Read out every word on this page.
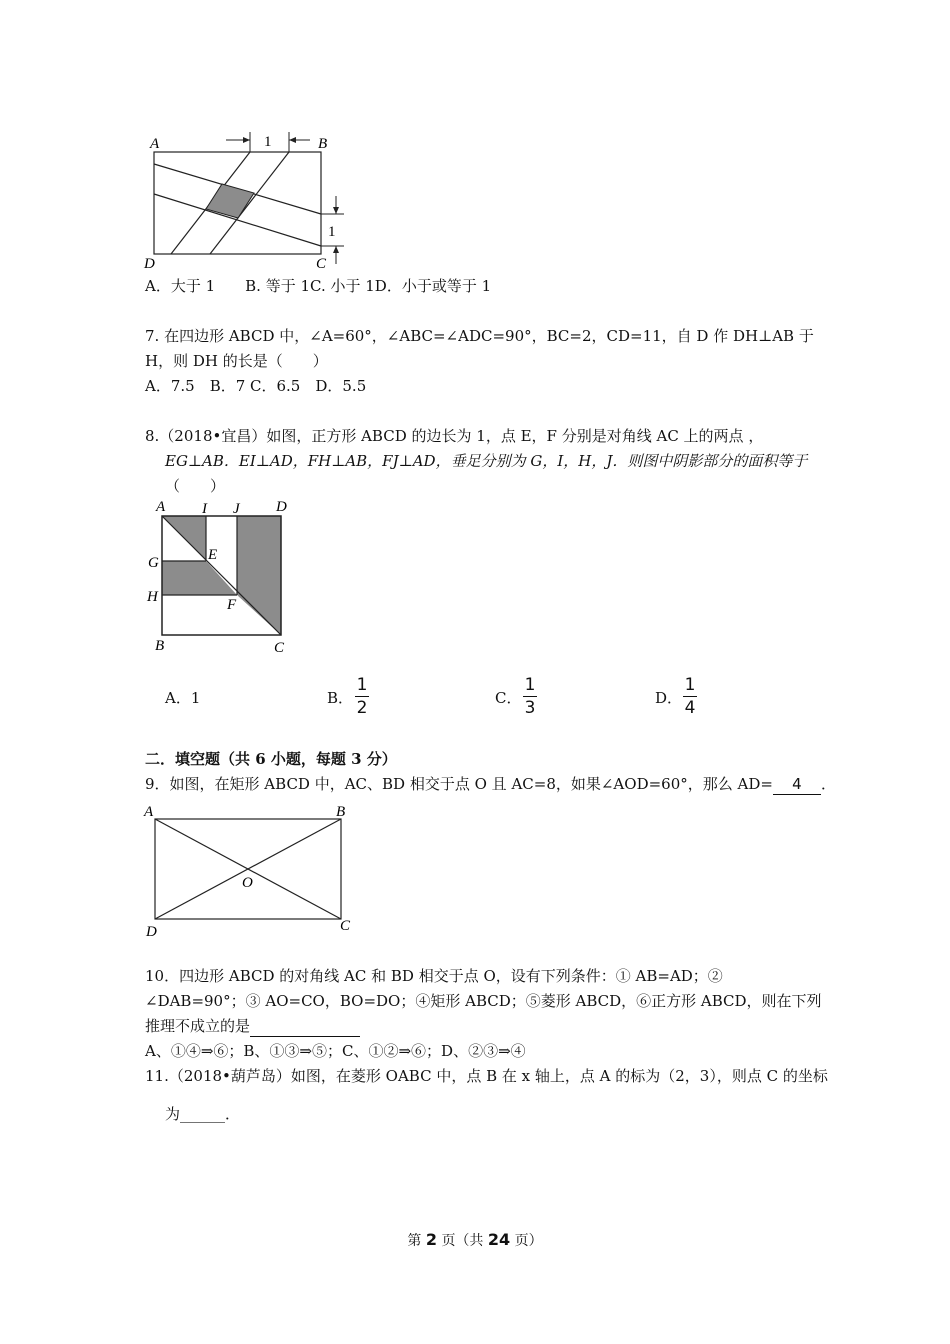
1
1
A	B
D	C
A．大于 1　　B. 等于 1C. 小于 1D．小于或等于 1
7. 在四边形 ABCD 中，∠A=60°，∠ABC=∠ADC=90°，BC=2，CD=11，自 D 作 DH⊥AB 于
H，则 DH 的长是（　　）
A．7.5　B．7 C．6.5　D．5.5
8.（2018•宜昌）如图，正方形 ABCD 的边长为 1，点 E，F 分别是对角线 AC 上的两点 ，
EG⊥AB．EI⊥AD，FH⊥AB，FJ⊥AD，垂足分别为 G，I，H，J．则图中阴影部分的面积等于
（　　）
A I J D
G	E
H	F
B	C
A．1	B．
1
2	C．
1
3	D．
1
4
二．填空题（共 6 小题，每题 3 分）
9．如图，在矩形 ABCD 中，AC、BD 相交于点 O 且 AC=8，如果∠AOD=60°，那么 AD= 4 ．
A	B
D	C
O
10．四边形 ABCD 的对角线 AC 和 BD 相交于点 O，设有下列条件：① AB=AD；②
∠DAB=90°；③ AO=CO，BO=DO；④矩形 ABCD；⑤菱形 ABCD，⑥正方形 ABCD，则在下列
推理不成立的是
A、①④⇒⑥；B、①③⇒⑤；C、①②⇒⑥；D、②③⇒④
11.（2018•葫芦岛）如图，在菱形 OABC 中，点 B 在 x 轴上，点 A 的标为（2，3），则点 C 的坐标
为______．
第 2 页（共 24 页）
